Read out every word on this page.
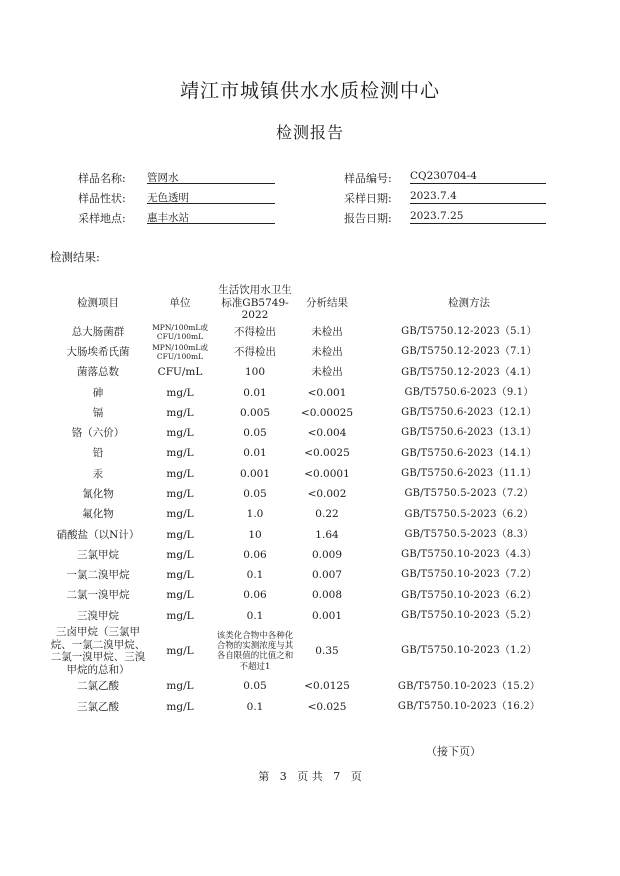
靖江市城镇供水水质检测中心
检测报告
样品名称: 管网水	样品编号: CQ230704-4
样品性状: 无色透明	采样日期: 2023.7.4
采样地点: 惠丰水站	报告日期: 2023.7.25
检测结果:
检测项目	单位	生活饮用水卫生标准GB5749-2022	分析结果	检测方法
总大肠菌群	MPN/100mL或CFU/100mL	不得检出	未检出	GB/T5750.12-2023（5.1）
大肠埃希氏菌	MPN/100mL或CFU/100mL	不得检出	未检出	GB/T5750.12-2023（7.1）
菌落总数	CFU/mL	100	未检出	GB/T5750.12-2023（4.1）
砷	mg/L	0.01	<0.001	GB/T5750.6-2023（9.1）
镉	mg/L	0.005	<0.00025	GB/T5750.6-2023（12.1）
铬（六价）	mg/L	0.05	<0.004	GB/T5750.6-2023（13.1）
铅	mg/L	0.01	<0.0025	GB/T5750.6-2023（14.1）
汞	mg/L	0.001	<0.0001	GB/T5750.6-2023（11.1）
氰化物	mg/L	0.05	<0.002	GB/T5750.5-2023（7.2）
氟化物	mg/L	1.0	0.22	GB/T5750.5-2023（6.2）
硝酸盐（以N计）	mg/L	10	1.64	GB/T5750.5-2023（8.3）
三氯甲烷	mg/L	0.06	0.009	GB/T5750.10-2023（4.3）
一氯二溴甲烷	mg/L	0.1	0.007	GB/T5750.10-2023（7.2）
二氯一溴甲烷	mg/L	0.06	0.008	GB/T5750.10-2023（6.2）
三溴甲烷	mg/L	0.1	0.001	GB/T5750.10-2023（5.2）
三卤甲烷（三氯甲烷、一氯二溴甲烷、二氯一溴甲烷、三溴甲烷的总和）	mg/L	该类化合物中各种化合物的实测浓度与其各自限值的比值之和不超过1	0.35	GB/T5750.10-2023（1.2）
二氯乙酸	mg/L	0.05	<0.0125	GB/T5750.10-2023（15.2）
三氯乙酸	mg/L	0.1	<0.025	GB/T5750.10-2023（16.2）
（接下页）
第 3 页 共 7 页
